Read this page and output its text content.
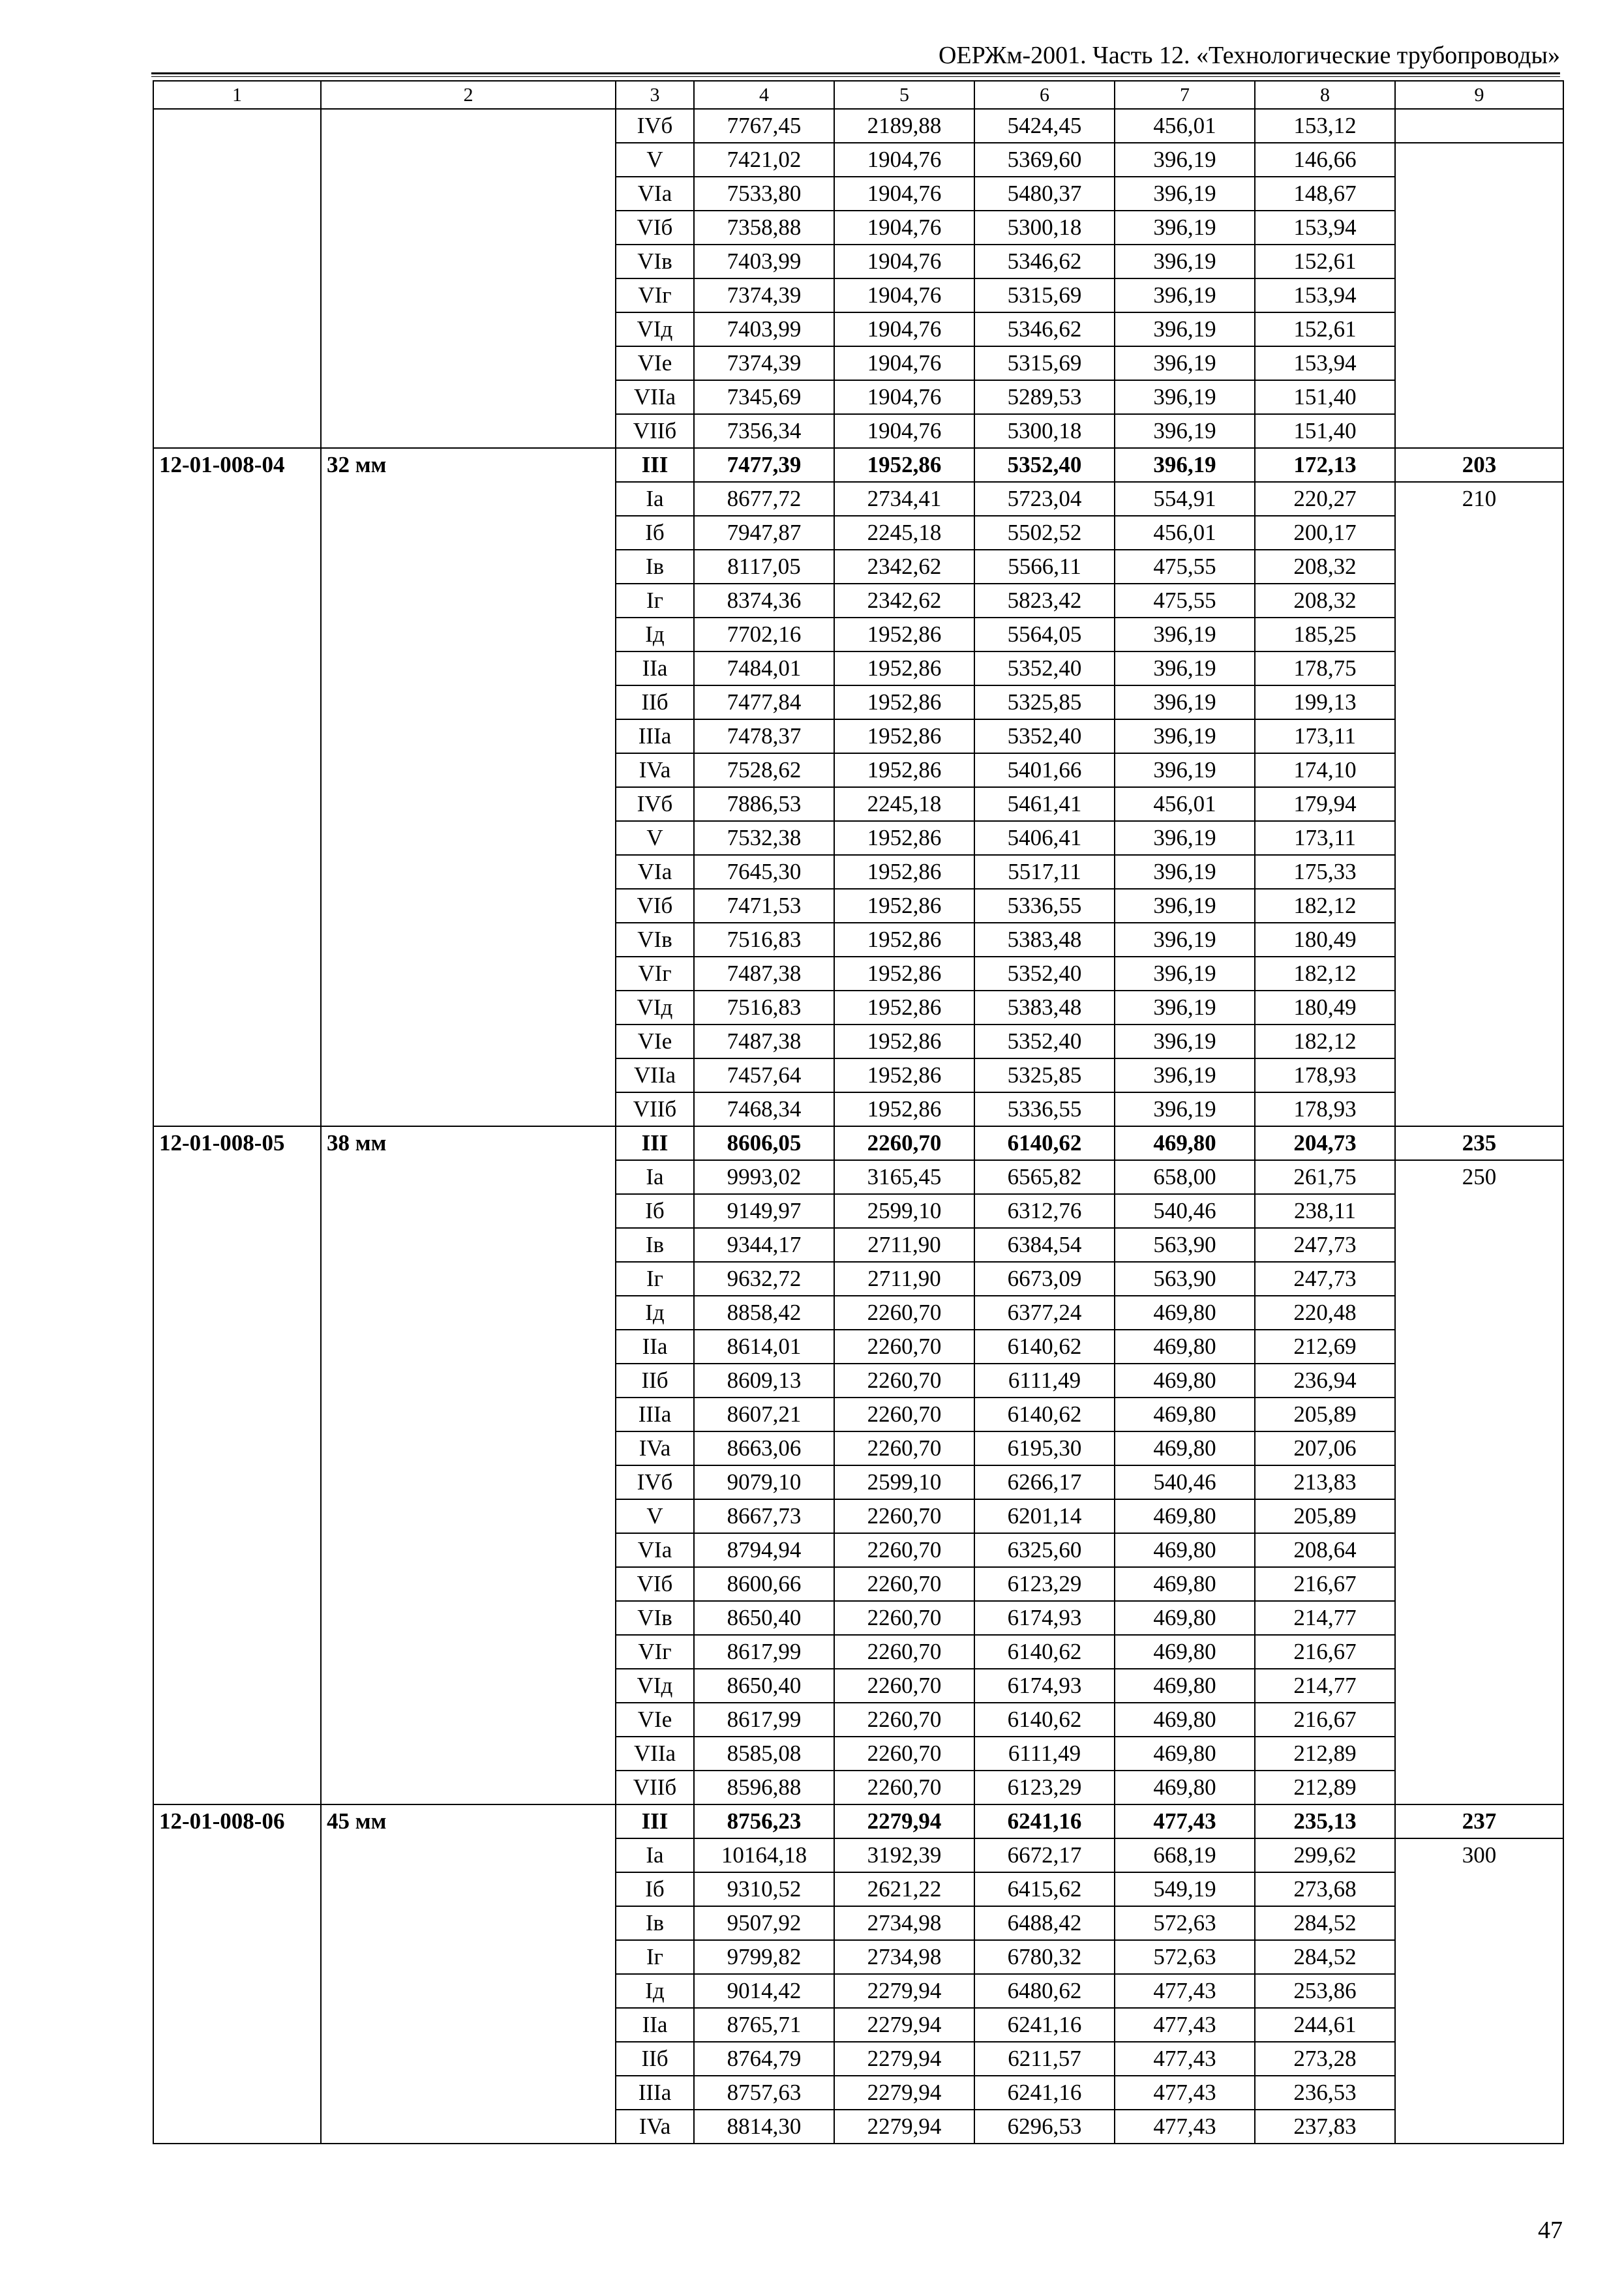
ОЕРЖм-2001. Часть 12. «Технологические трубопроводы»
1	2	3	4	5	6	7	8	9
		IVб	7767,45	2189,88	5424,45	456,01	153,12	
		V	7421,02	1904,76	5369,60	396,19	146,66	
		VIa	7533,80	1904,76	5480,37	396,19	148,67	
		VIб	7358,88	1904,76	5300,18	396,19	153,94	
		VIв	7403,99	1904,76	5346,62	396,19	152,61	
		VIг	7374,39	1904,76	5315,69	396,19	153,94	
		VIд	7403,99	1904,76	5346,62	396,19	152,61	
		VIe	7374,39	1904,76	5315,69	396,19	153,94	
		VIIa	7345,69	1904,76	5289,53	396,19	151,40	
		VIIб	7356,34	1904,76	5300,18	396,19	151,40	
12-01-008-04	32 мм	III	7477,39	1952,86	5352,40	396,19	172,13	203
		Ia	8677,72	2734,41	5723,04	554,91	220,27	210
		Iб	7947,87	2245,18	5502,52	456,01	200,17	
		Iв	8117,05	2342,62	5566,11	475,55	208,32	
		Iг	8374,36	2342,62	5823,42	475,55	208,32	
		Iд	7702,16	1952,86	5564,05	396,19	185,25	
		IIa	7484,01	1952,86	5352,40	396,19	178,75	
		IIб	7477,84	1952,86	5325,85	396,19	199,13	
		IIIa	7478,37	1952,86	5352,40	396,19	173,11	
		IVa	7528,62	1952,86	5401,66	396,19	174,10	
		IVб	7886,53	2245,18	5461,41	456,01	179,94	
		V	7532,38	1952,86	5406,41	396,19	173,11	
		VIa	7645,30	1952,86	5517,11	396,19	175,33	
		VIб	7471,53	1952,86	5336,55	396,19	182,12	
		VIв	7516,83	1952,86	5383,48	396,19	180,49	
		VIг	7487,38	1952,86	5352,40	396,19	182,12	
		VIд	7516,83	1952,86	5383,48	396,19	180,49	
		VIe	7487,38	1952,86	5352,40	396,19	182,12	
		VIIa	7457,64	1952,86	5325,85	396,19	178,93	
		VIIб	7468,34	1952,86	5336,55	396,19	178,93	
12-01-008-05	38 мм	III	8606,05	2260,70	6140,62	469,80	204,73	235
		Ia	9993,02	3165,45	6565,82	658,00	261,75	250
		Iб	9149,97	2599,10	6312,76	540,46	238,11	
		Iв	9344,17	2711,90	6384,54	563,90	247,73	
		Iг	9632,72	2711,90	6673,09	563,90	247,73	
		Iд	8858,42	2260,70	6377,24	469,80	220,48	
		IIa	8614,01	2260,70	6140,62	469,80	212,69	
		IIб	8609,13	2260,70	6111,49	469,80	236,94	
		IIIa	8607,21	2260,70	6140,62	469,80	205,89	
		IVa	8663,06	2260,70	6195,30	469,80	207,06	
		IVб	9079,10	2599,10	6266,17	540,46	213,83	
		V	8667,73	2260,70	6201,14	469,80	205,89	
		VIa	8794,94	2260,70	6325,60	469,80	208,64	
		VIб	8600,66	2260,70	6123,29	469,80	216,67	
		VIв	8650,40	2260,70	6174,93	469,80	214,77	
		VIг	8617,99	2260,70	6140,62	469,80	216,67	
		VIд	8650,40	2260,70	6174,93	469,80	214,77	
		VIe	8617,99	2260,70	6140,62	469,80	216,67	
		VIIa	8585,08	2260,70	6111,49	469,80	212,89	
		VIIб	8596,88	2260,70	6123,29	469,80	212,89	
12-01-008-06	45 мм	III	8756,23	2279,94	6241,16	477,43	235,13	237
		Ia	10164,18	3192,39	6672,17	668,19	299,62	300
		Iб	9310,52	2621,22	6415,62	549,19	273,68	
		Iв	9507,92	2734,98	6488,42	572,63	284,52	
		Iг	9799,82	2734,98	6780,32	572,63	284,52	
		Iд	9014,42	2279,94	6480,62	477,43	253,86	
		IIa	8765,71	2279,94	6241,16	477,43	244,61	
		IIб	8764,79	2279,94	6211,57	477,43	273,28	
		IIIa	8757,63	2279,94	6241,16	477,43	236,53	
		IVa	8814,30	2279,94	6296,53	477,43	237,83	
47
